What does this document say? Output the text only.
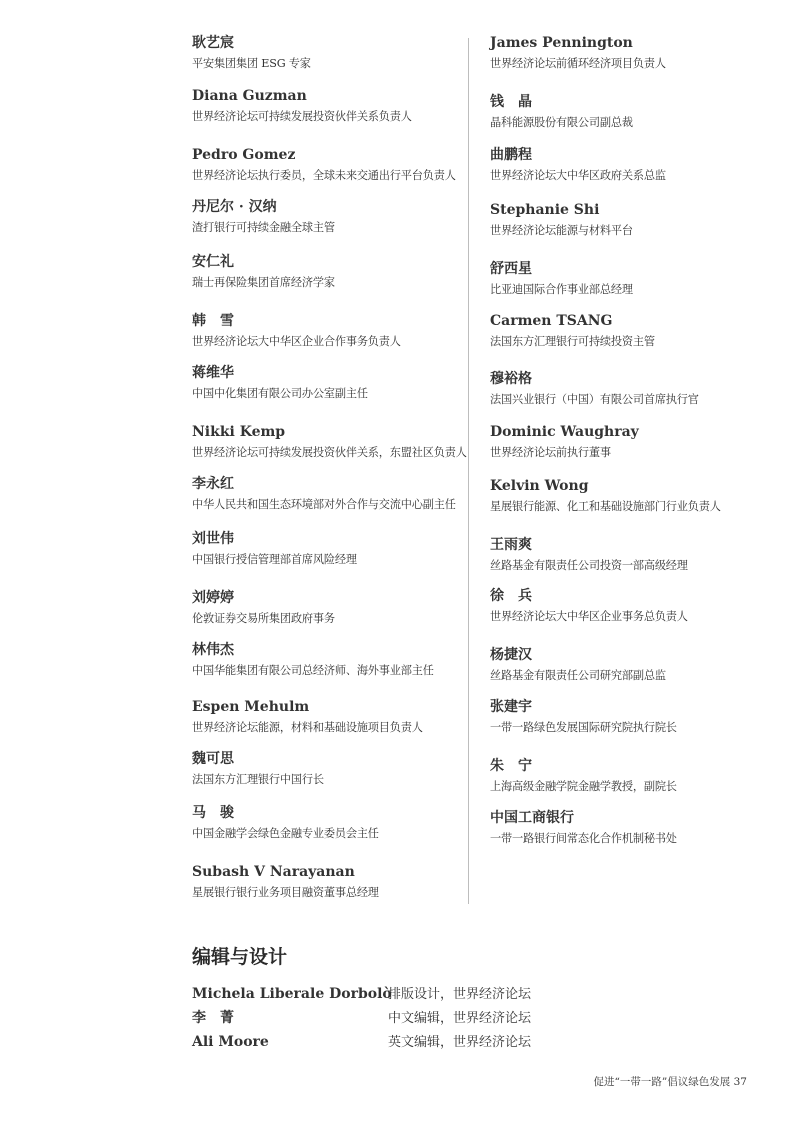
耿艺宸
平安集团集团 ESG 专家
Diana Guzman
世界经济论坛可持续发展投资伙伴关系负责人
Pedro Gomez
世界经济论坛执行委员，全球未来交通出行平台负责人
丹尼尔 · 汉纳
渣打银行可持续金融全球主管
安仁礼
瑞士再保险集团首席经济学家
韩　雪
世界经济论坛大中华区企业合作事务负责人
蒋维华
中国中化集团有限公司办公室副主任
Nikki Kemp
世界经济论坛可持续发展投资伙伴关系，东盟社区负责人
李永红
中华人民共和国生态环境部对外合作与交流中心副主任
刘世伟
中国银行授信管理部首席风险经理
刘婷婷
伦敦证券交易所集团政府事务
林伟杰
中国华能集团有限公司总经济师、海外事业部主任
Espen Mehulm
世界经济论坛能源，材料和基础设施项目负责人
魏可思
法国东方汇理银行中国行长
马　骏
中国金融学会绿色金融专业委员会主任
Subash V Narayanan
星展银行银行业务项目融资董事总经理
James Pennington
世界经济论坛前循环经济项目负责人
钱　晶
晶科能源股份有限公司副总裁
曲鹏程
世界经济论坛大中华区政府关系总监
Stephanie Shi
世界经济论坛能源与材料平台
舒西星
比亚迪国际合作事业部总经理
Carmen TSANG
法国东方汇理银行可持续投资主管
穆裕格
法国兴业银行（中国）有限公司首席执行官
Dominic Waughray
世界经济论坛前执行董事
Kelvin Wong
星展银行能源、化工和基础设施部门行业负责人
王雨爽
丝路基金有限责任公司投资一部高级经理
徐　兵
世界经济论坛大中华区企业事务总负责人
杨捷汉
丝路基金有限责任公司研究部副总监
张建宇
一带一路绿色发展国际研究院执行院长
朱　宁
上海高级金融学院金融学教授，副院长
中国工商银行
一带一路银行间常态化合作机制秘书处
编辑与设计
Michela Liberale Dorbolò
排版设计，世界经济论坛
李　菁	中文编辑，世界经济论坛
Ali Moore	英文编辑，世界经济论坛
促进“一带一路”倡议绿色发展 37
